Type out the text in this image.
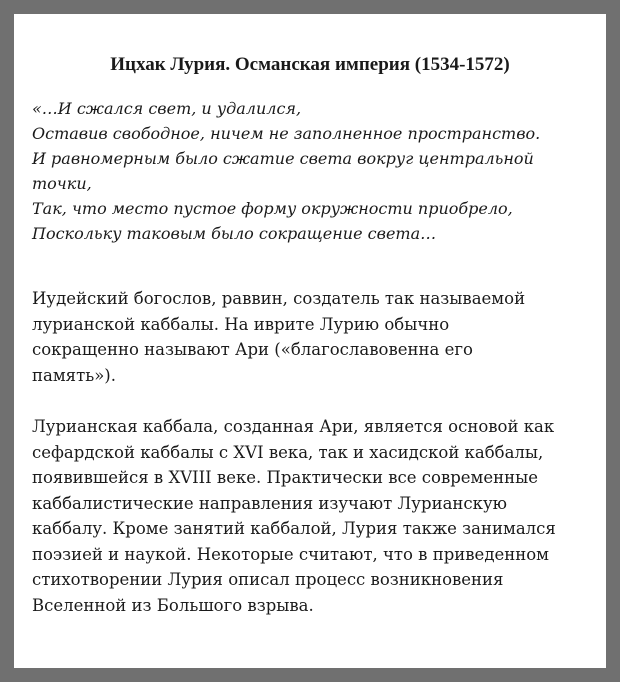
Ицхак Лурия. Османская империя (1534-1572)
«…И сжался свет, и удалился,
Оставив свободное, ничем не заполненное пространство.
И равномерным было сжатие света вокруг центральной
точки,
Так, что место пустое форму окружности приобрело,
Поскольку таковым было сокращение света…
Иудейский богослов, раввин, создатель так называемой
лурианской каббалы. На иврите Лурию обычно
сокращенно называют Ари («благославовенна его
память»).
Лурианская каббала, созданная Ари, является основой как
сефардской каббалы с XVI века, так и хасидской каббалы,
появившейся в XVIII веке. Практически все современные
каббалистические направления изучают Лурианскую
каббалу. Кроме занятий каббалой, Лурия также занимался
поэзией и наукой. Некоторые считают, что в приведенном
стихотворении Лурия описал процесс возникновения
Вселенной из Большого взрыва.
